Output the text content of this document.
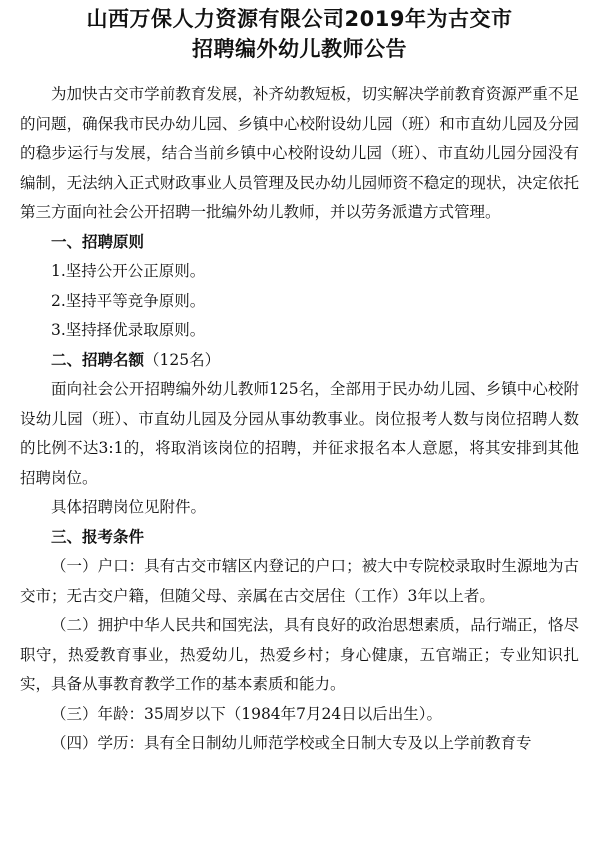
山西万保人力资源有限公司2019年为古交市
招聘编外幼儿教师公告

为加快古交市学前教育发展，补齐幼教短板，切实解决学前教育资源严重不足的问题，确保我市民办幼儿园、乡镇中心校附设幼儿园（班）和市直幼儿园及分园的稳步运行与发展，结合当前乡镇中心校附设幼儿园（班）、市直幼儿园分园没有编制，无法纳入正式财政事业人员管理及民办幼儿园师资不稳定的现状，决定依托第三方面向社会公开招聘一批编外幼儿教师，并以劳务派遣方式管理。

一、招聘原则

1.坚持公开公正原则。

2.坚持平等竞争原则。

3.坚持择优录取原则。

二、招聘名额（125名）

面向社会公开招聘编外幼儿教师125名，全部用于民办幼儿园、乡镇中心校附设幼儿园（班）、市直幼儿园及分园从事幼教事业。岗位报考人数与岗位招聘人数的比例不达3:1的，将取消该岗位的招聘，并征求报名本人意愿，将其安排到其他招聘岗位。

具体招聘岗位见附件。

三、报考条件

（一）户口：具有古交市辖区内登记的户口；被大中专院校录取时生源地为古交市；无古交户籍，但随父母、亲属在古交居住（工作）3年以上者。

（二）拥护中华人民共和国宪法，具有良好的政治思想素质，品行端正，恪尽职守，热爱教育事业，热爱幼儿，热爱乡村；身心健康，五官端正；专业知识扎实，具备从事教育教学工作的基本素质和能力。

（三）年龄：35周岁以下（1984年7月24日以后出生）。

（四）学历：具有全日制幼儿师范学校或全日制大专及以上学前教育专
